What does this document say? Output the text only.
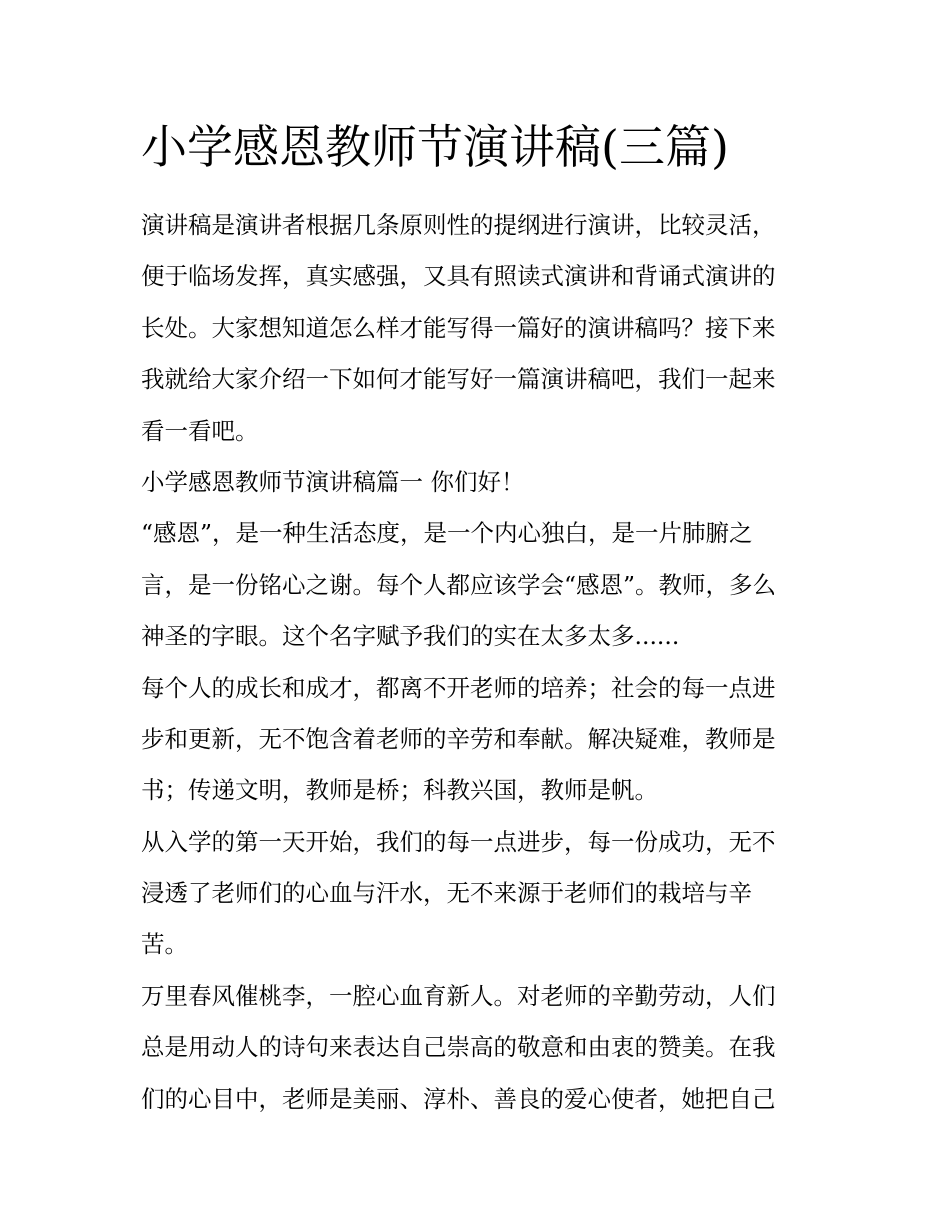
小学感恩教师节演讲稿(三篇)
演讲稿是演讲者根据几条原则性的提纲进行演讲，比较灵活，
便于临场发挥，真实感强，又具有照读式演讲和背诵式演讲的
长处。大家想知道怎么样才能写得一篇好的演讲稿吗？接下来
我就给大家介绍一下如何才能写好一篇演讲稿吧，我们一起来
看一看吧。
小学感恩教师节演讲稿篇一 你们好！
“感恩”，是一种生活态度，是一个内心独白，是一片肺腑之
言，是一份铭心之谢。每个人都应该学会“感恩”。教师，多么
神圣的字眼。这个名字赋予我们的实在太多太多......
每个人的成长和成才，都离不开老师的培养；社会的每一点进
步和更新，无不饱含着老师的辛劳和奉献。解决疑难，教师是
书；传递文明，教师是桥；科教兴国，教师是帆。
从入学的第一天开始，我们的每一点进步，每一份成功，无不
浸透了老师们的心血与汗水，无不来源于老师们的栽培与辛
苦。
万里春风催桃李，一腔心血育新人。对老师的辛勤劳动，人们
总是用动人的诗句来表达自己崇高的敬意和由衷的赞美。在我
们的心目中，老师是美丽、淳朴、善良的爱心使者，她把自己
